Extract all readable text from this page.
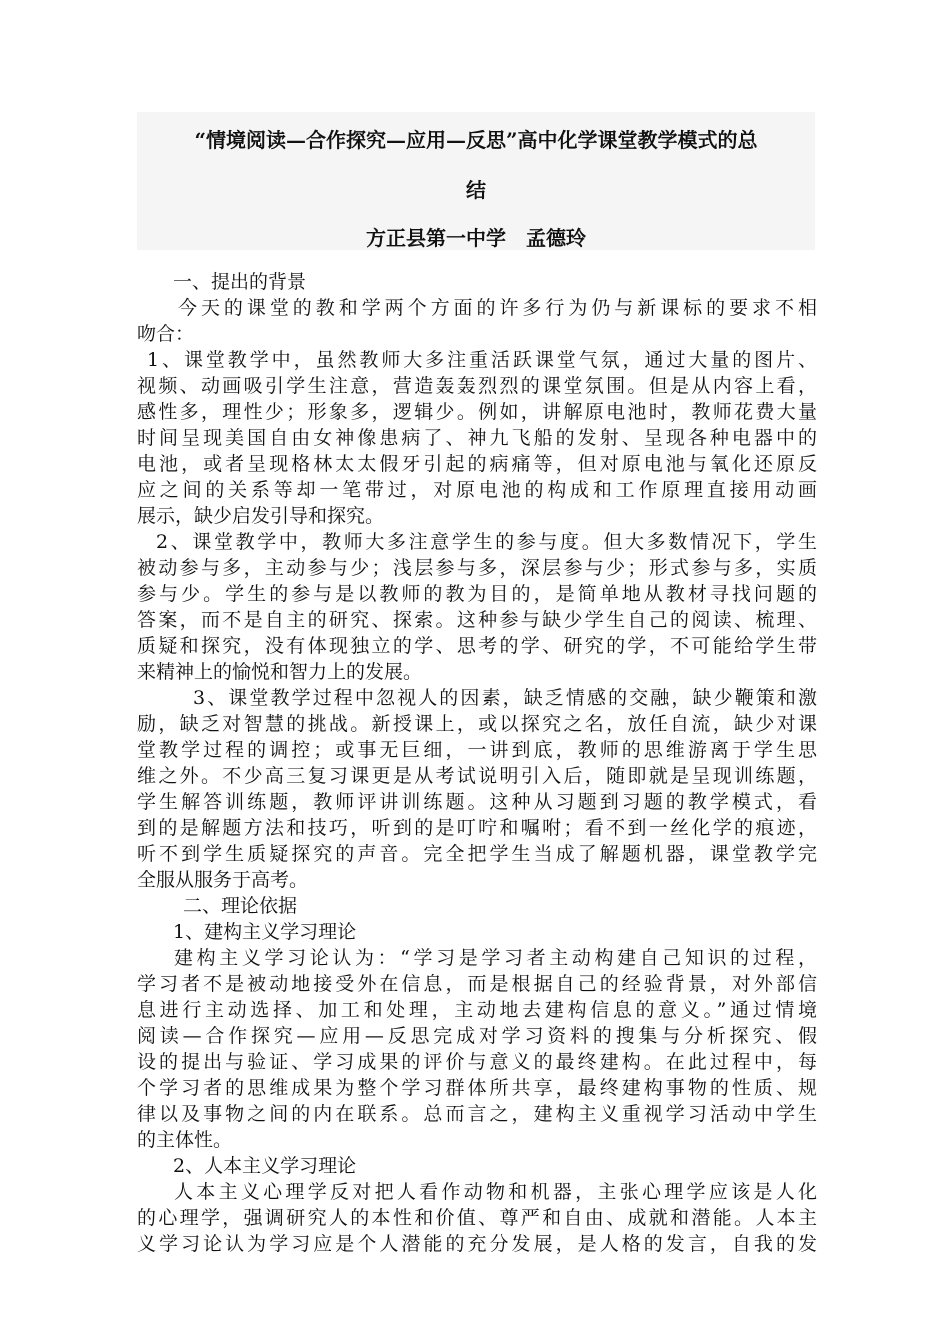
“情境阅读—合作探究—应用—反思”高中化学课堂教学模式的总
结
方正县第一中学　孟德玲
一、提出的背景
今天的课堂的教和学两个方面的许多行为仍与新课标的要求不相
吻合：
1、课堂教学中，虽然教师大多注重活跃课堂气氛，通过大量的图片、
视频、动画吸引学生注意，营造轰轰烈烈的课堂氛围。但是从内容上看，
感性多，理性少；形象多，逻辑少。例如，讲解原电池时，教师花费大量
时间呈现美国自由女神像患病了、神九飞船的发射、呈现各种电器中的
电池，或者呈现格林太太假牙引起的病痛等，但对原电池与氧化还原反
应之间的关系等却一笔带过，对原电池的构成和工作原理直接用动画
展示，缺少启发引导和探究。
2、课堂教学中，教师大多注意学生的参与度。但大多数情况下，学生
被动参与多，主动参与少；浅层参与多，深层参与少；形式参与多，实质
参与少。学生的参与是以教师的教为目的，是简单地从教材寻找问题的
答案，而不是自主的研究、探索。这种参与缺少学生自己的阅读、梳理、
质疑和探究，没有体现独立的学、思考的学、研究的学，不可能给学生带
来精神上的愉悦和智力上的发展。
3、课堂教学过程中忽视人的因素，缺乏情感的交融，缺少鞭策和激
励，缺乏对智慧的挑战。新授课上，或以探究之名，放任自流，缺少对课
堂教学过程的调控；或事无巨细，一讲到底，教师的思维游离于学生思
维之外。不少高三复习课更是从考试说明引入后，随即就是呈现训练题，
学生解答训练题，教师评讲训练题。这种从习题到习题的教学模式，看
到的是解题方法和技巧，听到的是叮咛和嘱咐；看不到一丝化学的痕迹，
听不到学生质疑探究的声音。完全把学生当成了解题机器，课堂教学完
全服从服务于高考。
二、理论依据
1、建构主义学习理论
建构主义学习论认为：“学习是学习者主动构建自己知识的过程，
学习者不是被动地接受外在信息，而是根据自己的经验背景，对外部信
息进行主动选择、加工和处理，主动地去建构信息的意义。”通过情境
阅读—合作探究—应用—反思完成对学习资料的搜集与分析探究、假
设的提出与验证、学习成果的评价与意义的最终建构。在此过程中，每
个学习者的思维成果为整个学习群体所共享，最终建构事物的性质、规
律以及事物之间的内在联系。总而言之，建构主义重视学习活动中学生
的主体性。
2、人本主义学习理论
人本主义心理学反对把人看作动物和机器，主张心理学应该是人化
的心理学，强调研究人的本性和价值、尊严和自由、成就和潜能。人本主
义学习论认为学习应是个人潜能的充分发展，是人格的发言，自我的发
